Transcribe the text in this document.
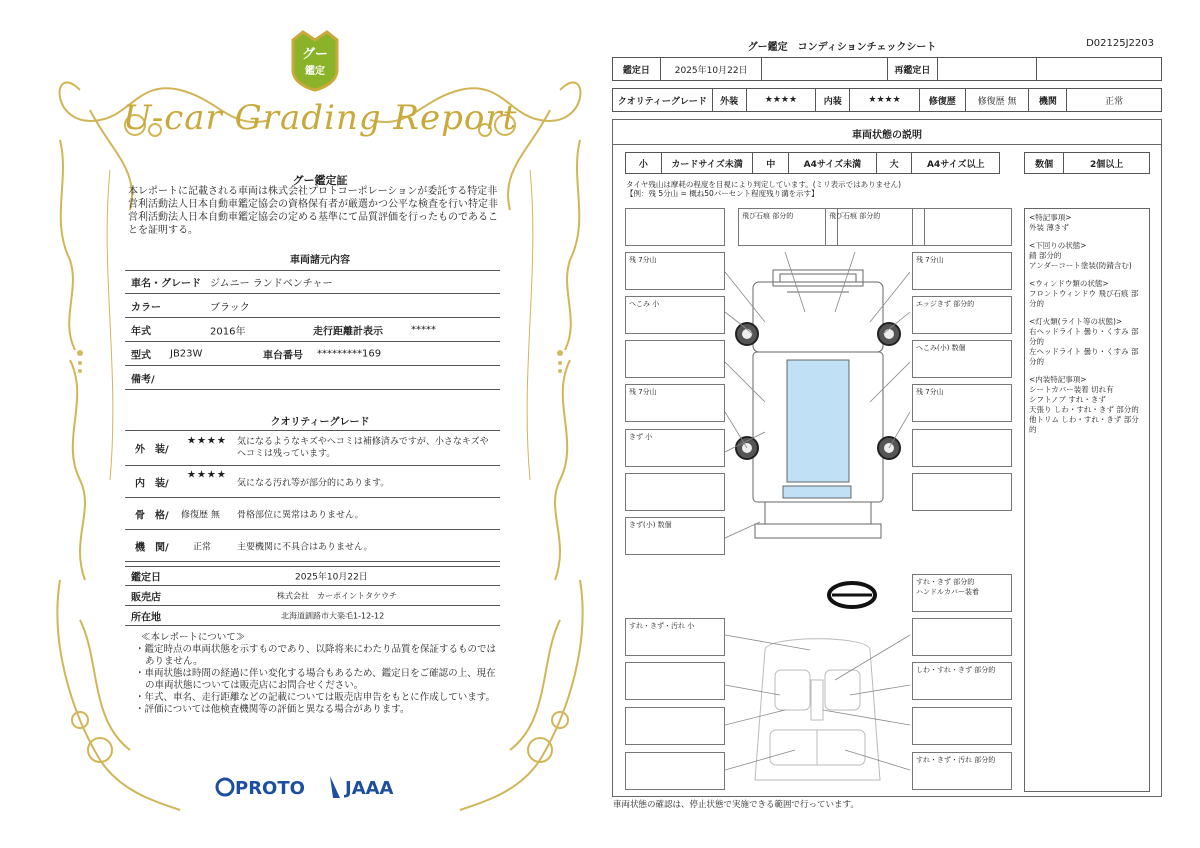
グー
鑑定
U-car Grading Report
グー鑑定証
本レポートに記載される車両は株式会社プロトコーポレーションが委託する特定非営利活動法人日本自動車鑑定協会の資格保有者が厳選かつ公平な検査を行い特定非営利活動法人日本自動車鑑定協会の定める基準にて品質評価を行ったものであることを証明する。
車両諸元内容
車名・グレード ジムニー ランドベンチャー
カラー	ブラック
年式	2016年	走行距離計表示	*****
型式 JB23W	車台番号 *********169
備考/
クオリティーグレード
外　装/
★★★★ 気になるようなキズやヘコミは補修済みですが、小さなキズやヘコミは残っています。
内　装/
★★★★
気になる汚れ等が部分的にあります。
骨　格/ 修復歴 無 骨格部位に異常はありません。
機　関/	正常	主要機関に不具合はありません。
鑑定日	2025年10月22日
販売店	株式会社　カーポイントタケウチ
所在地	北海道釧路市大楽毛1-12-12
≪本レポートについて≫
・鑑定時点の車両状態を示すものであり、以降将来にわたり品質を保証するものではありません。
・車両状態は時間の経過に伴い変化する場合もあるため、鑑定日をご確認の上、現在の車両状態については販売店にお問合せください。
・年式、車名、走行距離などの記載については販売店申告をもとに作成しています。
・評価については他検査機関等の評価と異なる場合があります。
PROTO JAAA
グー鑑定　コンディションチェックシート	D02125J2203
鑑定日	2025年10月22日	再鑑定日
クオリティーグレード	外装	★★★★	内装	★★★★	修復歴	修復歴 無	機関	正常
車両状態の説明
小	カードサイズ未満	中	A4サイズ未満	大	A4サイズ以上	数個	2個以上
タイヤ残山は摩耗の程度を目視により判定しています。(ミリ表示ではありません)
【例：残 5分山 = 概ね50パーセント程度残り溝を示す】
残 7分山
へこみ 小
残 7分山
きず 小
きず(小) 数個
飛び石痕 部分的	飛び石痕 部分的
残 7分山
エッジきず 部分的
へこみ(小) 数個
残 7分山
すれ・きず・汚れ 小
すれ・きず 部分的
ハンドルカバー装着
しわ・すれ・きず 部分的
すれ・きず・汚れ 部分的
<特記事項>
外装 薄きず
<下回りの状態>
錆 部分的
アンダーコート塗装(防錆含む)
<ウィンドウ類の状態>
フロントウィンドウ 飛び石痕 部分的
<灯火類(ライト等の状態)>
右ヘッドライト 曇り・くすみ 部分的
左ヘッドライト 曇り・くすみ 部分的
<内装特記事項>
シートカバー装着 切れ有
シフトノブ すれ・きず
天張り しわ・すれ・きず 部分的
他トリム しわ・すれ・きず 部分的
車両状態の確認は、停止状態で実施できる範囲で行っています。
